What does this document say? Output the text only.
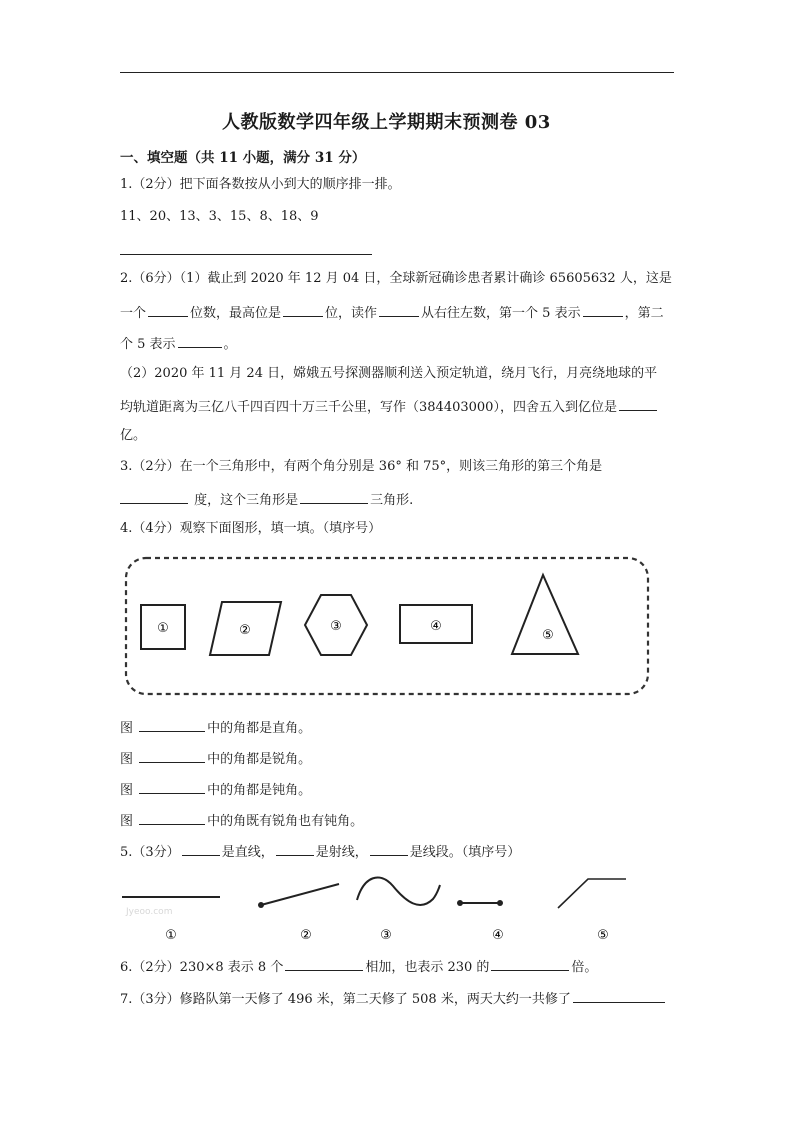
人教版数学四年级上学期期末预测卷 03
一、填空题（共 11 小题，满分 31 分）
1.（2分）把下面各数按从小到大的顺序排一排。
11、20、13、3、15、8、18、9
2.（6分）（1）截止到 2020 年 12 月 04 日，全球新冠确诊患者累计确诊 65605632 人，这是
一个	位数，最高位是	位，读作	从右往左数，第一个 5 表示	，第二
个 5 表示	。
（2）2020 年 11 月 24 日，嫦娥五号探测器顺利送入预定轨道，绕月飞行，月亮绕地球的平
均轨道距离为三亿八千四百四十万三千公里，写作（384403000），四舍五入到亿位是
亿。
3.（2分）在一个三角形中，有两个角分别是 36° 和 75°，则该三角形的第三个角是
度，这个三角形是	三角形.
4.（4分）观察下面图形，填一填。（填序号）
①	②	③	④
⑤
图	中的角都是直角。
图	中的角都是锐角。
图	中的角都是钝角。
图	中的角既有锐角也有钝角。
5.（3分）	是直线，	是射线，	是线段。（填序号）
Jyeoo.com
①	②	③	④	⑤
6.（2分）230×8 表示 8 个	相加，也表示 230 的	倍。
7.（3分）修路队第一天修了 496 米，第二天修了 508 米，两天大约一共修了
